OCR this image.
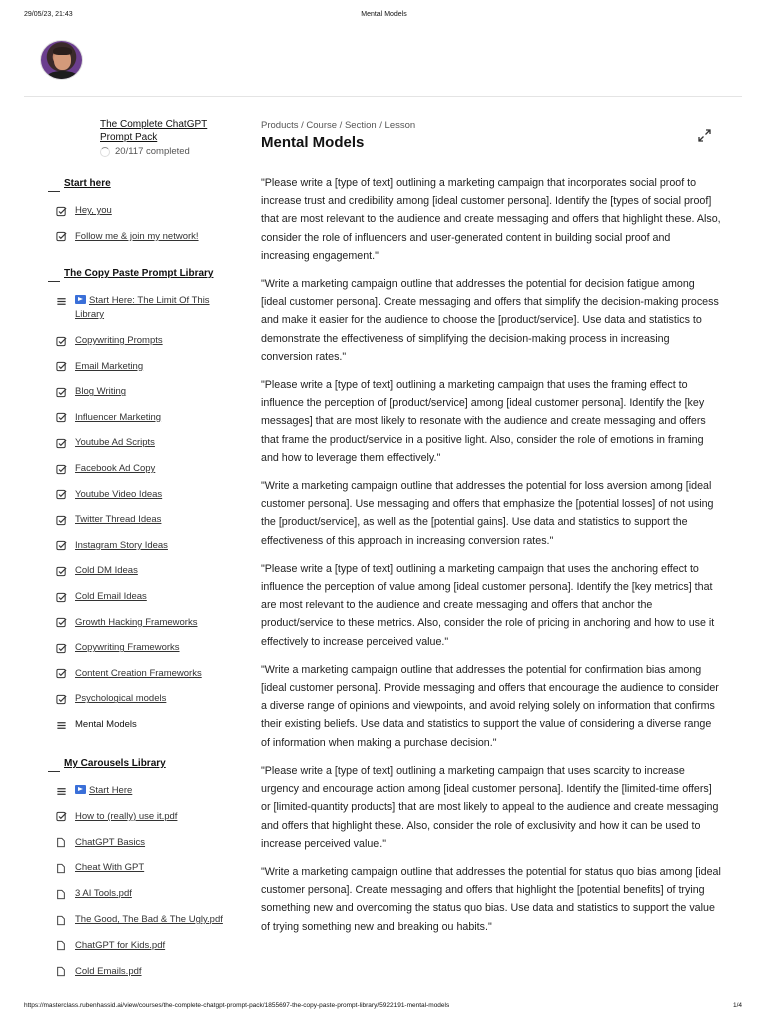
29/05/23, 21:43	Mental Models
The Complete ChatGPT Prompt Pack
20/117 completed
Start here
Hey, you
Follow me & join my network!
The Copy Paste Prompt Library
Start Here: The Limit Of This Library
Copywriting Prompts
Email Marketing
Blog Writing
Influencer Marketing
Youtube Ad Scripts
Facebook Ad Copy
Youtube Video Ideas
Twitter Thread Ideas
Instagram Story Ideas
Cold DM Ideas
Cold Email Ideas
Growth Hacking Frameworks
Copywriting Frameworks
Content Creation Frameworks
Psychological models
Mental Models
My Carousels Library
Start Here
How to (really) use it.pdf
ChatGPT Basics
Cheat With GPT
3 AI Tools.pdf
The Good, The Bad & The Ugly.pdf
ChatGPT for Kids.pdf
Cold Emails.pdf
Products / Course / Section / Lesson
Mental Models

"Please write a [type of text] outlining a marketing campaign that incorporates social proof to increase trust and credibility among [ideal customer persona]. Identify the [types of social proof] that are most relevant to the audience and create messaging and offers that highlight these. Also, consider the role of influencers and user-generated content in building social proof and increasing engagement."

"Write a marketing campaign outline that addresses the potential for decision fatigue among [ideal customer persona]. Create messaging and offers that simplify the decision-making process and make it easier for the audience to choose the [product/service]. Use data and statistics to demonstrate the effectiveness of simplifying the decision-making process in increasing conversion rates."

"Please write a [type of text] outlining a marketing campaign that uses the framing effect to influence the perception of [product/service] among [ideal customer persona]. Identify the [key messages] that are most likely to resonate with the audience and create messaging and offers that frame the product/service in a positive light. Also, consider the role of emotions in framing and how to leverage them effectively."

"Write a marketing campaign outline that addresses the potential for loss aversion among [ideal customer persona]. Use messaging and offers that emphasize the [potential losses] of not using the [product/service], as well as the [potential gains]. Use data and statistics to support the effectiveness of this approach in increasing conversion rates."

"Please write a [type of text] outlining a marketing campaign that uses the anchoring effect to influence the perception of value among [ideal customer persona]. Identify the [key metrics] that are most relevant to the audience and create messaging and offers that anchor the product/service to these metrics. Also, consider the role of pricing in anchoring and how to use it effectively to increase perceived value."

"Write a marketing campaign outline that addresses the potential for confirmation bias among [ideal customer persona]. Provide messaging and offers that encourage the audience to consider a diverse range of opinions and viewpoints, and avoid relying solely on information that confirms their existing beliefs. Use data and statistics to support the value of considering a diverse range of information when making a purchase decision."

"Please write a [type of text] outlining a marketing campaign that uses scarcity to increase urgency and encourage action among [ideal customer persona]. Identify the [limited-time offers] or [limited-quantity products] that are most likely to appeal to the audience and create messaging and offers that highlight these. Also, consider the role of exclusivity and how it can be used to increase perceived value."

"Write a marketing campaign outline that addresses the potential for status quo bias among [ideal customer persona]. Create messaging and offers that highlight the [potential benefits] of trying something new and overcoming the status quo bias. Use data and statistics to support the value of trying something new and breaking ou habits."

https://masterclass.rubenhassid.ai/view/courses/the-complete-chatgpt-prompt-pack/1855697-the-copy-paste-prompt-library/5922191-mental-models	1/4
